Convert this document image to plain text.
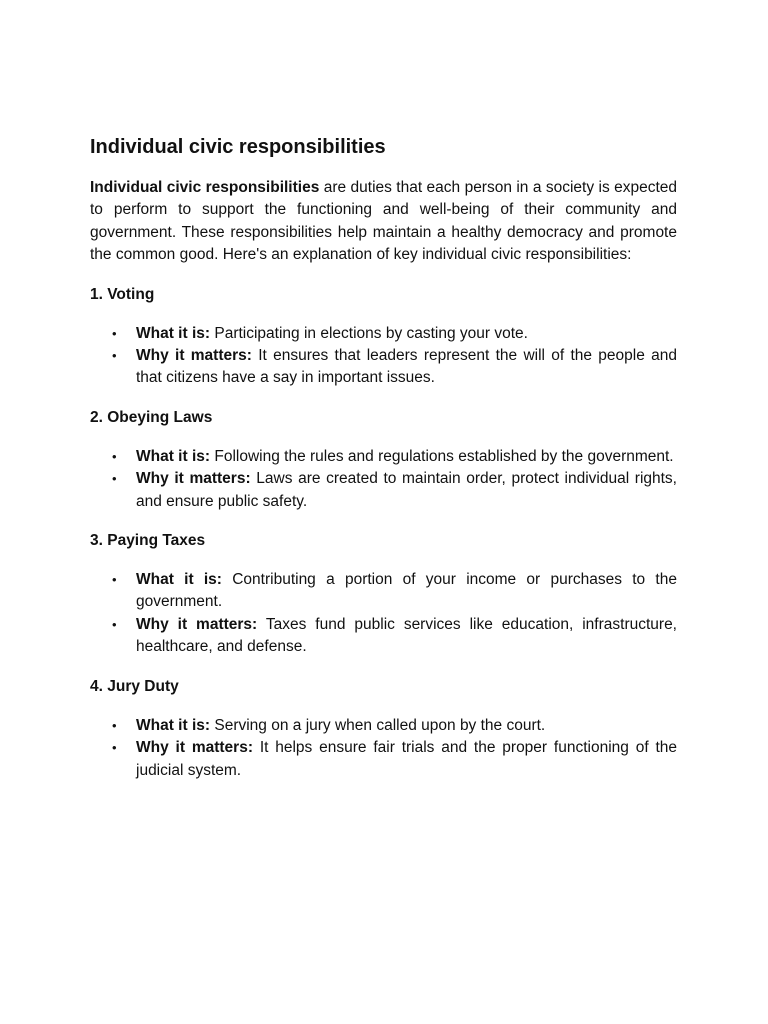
Individual civic responsibilities

Individual civic responsibilities are duties that each person in a society is expected to perform to support the functioning and well-being of their community and government. These responsibilities help maintain a healthy democracy and promote the common good. Here's an explanation of key individual civic responsibilities:

1. Voting
• What it is: Participating in elections by casting your vote.
• Why it matters: It ensures that leaders represent the will of the people and that citizens have a say in important issues.
2. Obeying Laws
• What it is: Following the rules and regulations established by the government.
• Why it matters: Laws are created to maintain order, protect individual rights, and ensure public safety.
3. Paying Taxes
• What it is: Contributing a portion of your income or purchases to the government.
• Why it matters: Taxes fund public services like education, infrastructure, healthcare, and defense.
4. Jury Duty
• What it is: Serving on a jury when called upon by the court.
• Why it matters: It helps ensure fair trials and the proper functioning of the judicial system.
